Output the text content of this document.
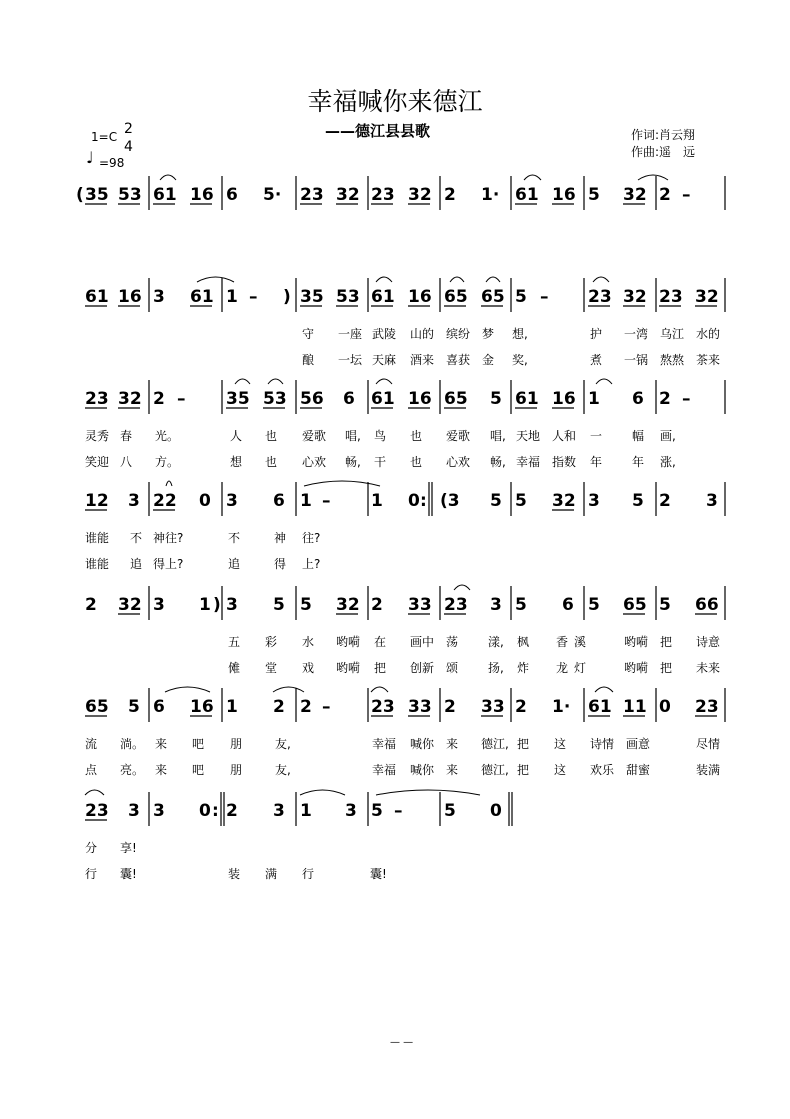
幸福喊你来德江
——德江县县歌
1=C 2
4
♩ =98
作词:肖云翔
作曲:遥　远
( 35 53 61 16 6 5· 23 32 23 32 2 1· 61 16 5 32 2 –
61 16 3 61 1 – ) 35 53 61 16 65 65 5 – 23 32 23 32
守 一座 武陵 山的 缤纷 梦 想,	护 一湾 乌江 水的
酿 一坛 天麻 酒来 喜获 金 奖,	煮 一锅 熬熬 茶来
23 32 2 – 35 53 56 6 61 16 65 5 61 16 1 6 2 –
灵秀 春 光。	人 也 爱歌 唱, 鸟 也 爱歌 唱, 天地 人和 一 幅 画,
笑迎 八 方。	想 也 心欢 畅, 干 也 心欢 畅, 幸福 指数 年 年 涨,
12 3 22 0 3 6 1 – 1 0 : (3 5 5 32 3 5 2 3
谁能 不 神往?	不	神 往?
谁能 追 得上?	追	得 上?
2 32 3 1 ) 3 5 5 32 2 33 23 3 5 6 5 65 5 66
五 彩 水 哟嗬 在 画中 荡 漾, 枫 香 溪	哟嗬 把 诗意
傩 堂 戏 哟嗬 把 创新 颂 扬, 炸 龙 灯	哟嗬 把 未来
65 5 6 16 1 2 2 – 23 33 2 33 2 1· 61 11 0 23
流 淌。 来 吧 朋	友,	幸福 喊你 来 德江, 把 这 诗情 画意	尽情
点 亮。 来 吧 朋	友,	幸福 喊你 来 德江, 把 这 欢乐 甜蜜	装满
23 3 3 0 : 2 3 1 3 5 – 5 0
分 享!
行 囊!	装 满 行	囊!
— —
